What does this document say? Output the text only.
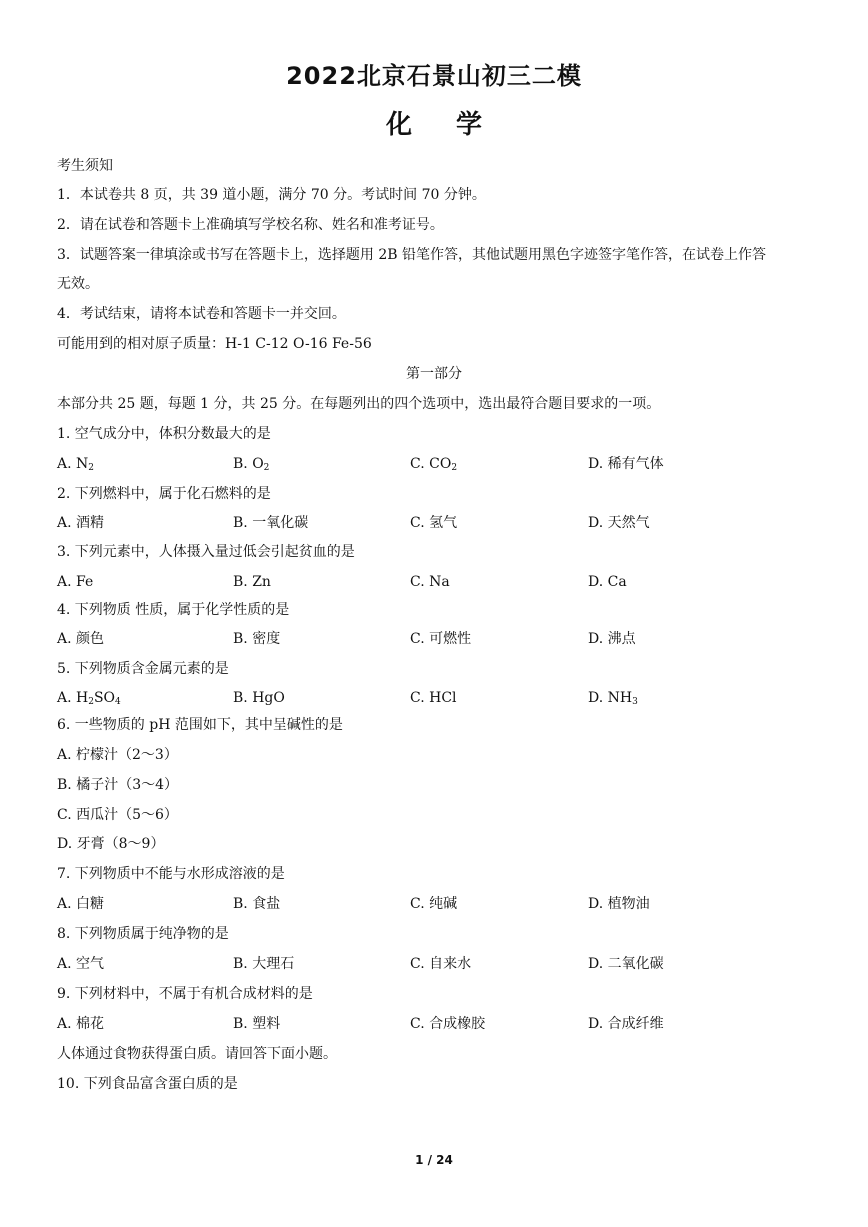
2022北京石景山初三二模
化 学
考生须知
1．本试卷共 8 页，共 39 道小题，满分 70 分。考试时间 70 分钟。
2．请在试卷和答题卡上准确填写学校名称、姓名和准考证号。
3．试题答案一律填涂或书写在答题卡上，选择题用 2B 铅笔作答，其他试题用黑色字迹签字笔作答，在试卷上作答
无效。
4．考试结束，请将本试卷和答题卡一并交回。
可能用到的相对原子质量：H-1 C-12 O-16 Fe-56
第一部分
本部分共 25 题，每题 1 分，共 25 分。在每题列出的四个选项中，选出最符合题目要求的一项。
1. 空气成分中，体积分数最大的是
A. $N_2$	B. $O_2$	C. $CO_2$	D. 稀有气体
2. 下列燃料中，属于化石燃料的是
A. 酒精	B. 一氧化碳	C. 氢气	D. 天然气
3. 下列元素中，人体摄入量过低会引起贫血的是
A. Fe	B. Zn	C. Na	D. Ca
4. 下列物质 性质，属于化学性质的是
A. 颜色	B. 密度	C. 可燃性	D. 沸点
5. 下列物质含金属元素的是
A. $H_2SO_4$	B. HgO	C. HCl	D. $NH_3$
6. 一些物质的 pH 范围如下，其中呈碱性的是
A. 柠檬汁（2～3）
B. 橘子汁（3～4）
C. 西瓜汁（5～6）
D. 牙膏（8～9）
7. 下列物质中不能与水形成溶液的是
A. 白糖	B. 食盐	C. 纯碱	D. 植物油
8. 下列物质属于纯净物的是
A. 空气	B. 大理石	C. 自来水	D. 二氧化碳
9. 下列材料中，不属于有机合成材料的是
A. 棉花	B. 塑料	C. 合成橡胶	D. 合成纤维
人体通过食物获得蛋白质。请回答下面小题。
10. 下列食品富含蛋白质的是
1 / 24
